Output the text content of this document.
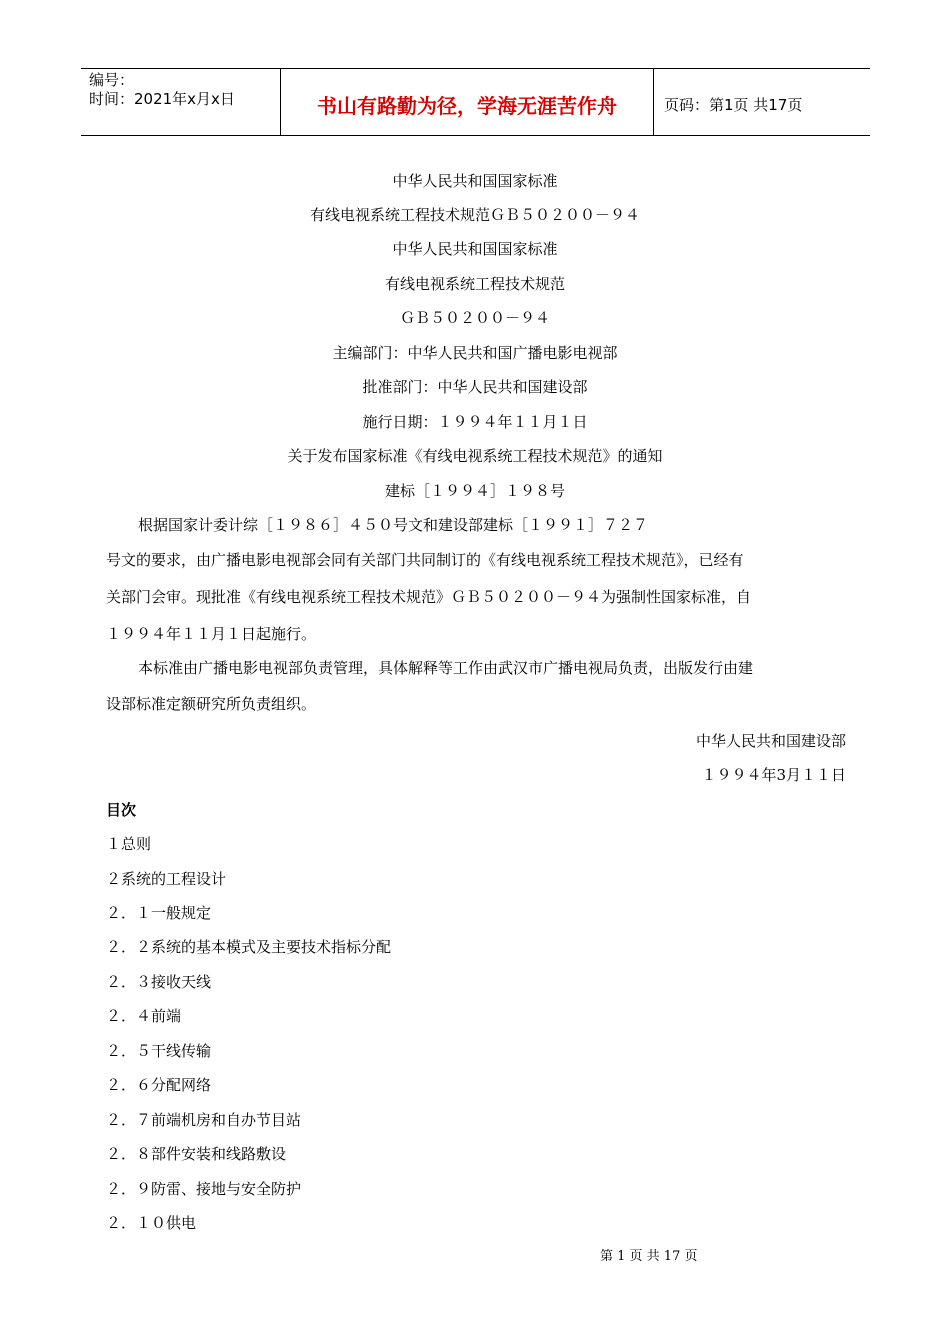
编号：
时间：2021年x月x日	书山有路勤为径，学海无涯苦作舟	页码：第1页 共17页
中华人民共和国国家标准
有线电视系统工程技术规范ＧＢ５０２００－９４
中华人民共和国国家标准
有线电视系统工程技术规范
ＧＢ５０２００－９４
主编部门：中华人民共和国广播电影电视部
批准部门：中华人民共和国建设部
施行日期：１９９４年１１月１日
关于发布国家标准《有线电视系统工程技术规范》的通知
建标［１９９４］１９８号
根据国家计委计综［１９８６］４５０号文和建设部建标［１９９１］７２７
号文的要求，由广播电影电视部会同有关部门共同制订的《有线电视系统工程技术规范》，已经有
关部门会审。现批准《有线电视系统工程技术规范》ＧＢ５０２００－９４为强制性国家标准，自
１９９４年１１月１日起施行。
本标准由广播电影电视部负责管理，具体解释等工作由武汉市广播电视局负责，出版发行由建
设部标准定额研究所负责组织。
中华人民共和国建设部
１９９４年3月１１日
目次
１总则
２系统的工程设计
２．１一般规定
２．２系统的基本模式及主要技术指标分配
２．３接收天线
２．４前端
２．５干线传输
２．６分配网络
２．７前端机房和自办节目站
２．８部件安装和线路敷设
２．９防雷、接地与安全防护
２．１０供电
第 1 页 共 17 页
